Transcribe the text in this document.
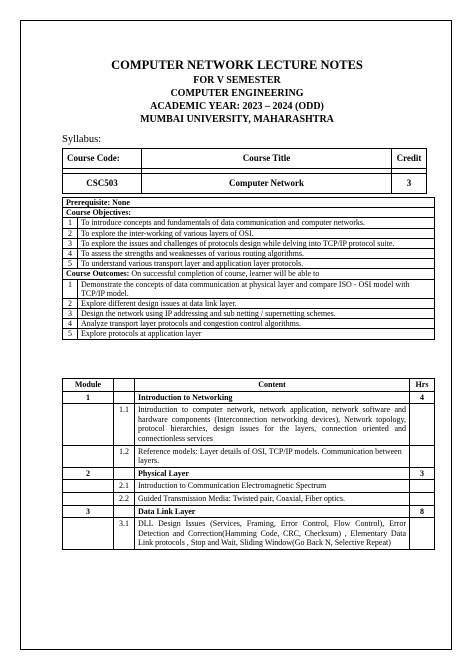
COMPUTER NETWORK LECTURE NOTES
FOR V SEMESTER
COMPUTER ENGINEERING
ACADEMIC YEAR: 2023 – 2024 (ODD)
MUMBAI UNIVERSITY, MAHARASHTRA
Syllabus:
Course Code:	Course Title	Credit

CSC503	Computer Network	3
Prerequisite: None	
Course Objectives:	
1	To introduce concepts and fundamentals of data communication and computer networks.
2	To explore the inter-working of various layers of OSI.
3	To explore the issues and challenges of protocols design while delving into TCP/IP protocol suite.
4	To assess the strengths and weaknesses of various routing algorithms.
5	To understand various transport layer and application layer protocols.
Course Outcomes: On successful completion of course, learner will be able to	
1	Demonstrate the concepts of data communication at physical layer and compare ISO - OSI model with TCP/IP model.
2	Explore different design issues at data link layer.
3	Design the network using IP addressing and sub netting / supernetting schemes.
4	Analyze transport layer protocols and congestion control algorithms.
5	Explore protocols at application layer
Module		Content	Hrs
1		Introduction to Networking	4
	1.1	Introduction to computer network, network application, network software and hardware components (Interconnection networking devices), Network topology, protocol hierarchies, design issues for the layers, connection oriented and connectionless services	
	1.2	Reference models: Layer details of OSI, TCP/IP models. Communication between layers.	
2		Physical Layer	3
	2.1	Introduction to Communication Electromagnetic Spectrum	
	2.2	Guided Transmission Media: Twisted pair, Coaxial, Fiber optics.	
3		Data Link Layer	8
	3.1	DLL Design Issues (Services, Framing, Error Control, Flow Control), Error Detection and Correction(Hamming Code, CRC, Checksum) , Elementary Data Link protocols , Stop and Wait, Sliding Window(Go Back N, Selective Repeat)	
